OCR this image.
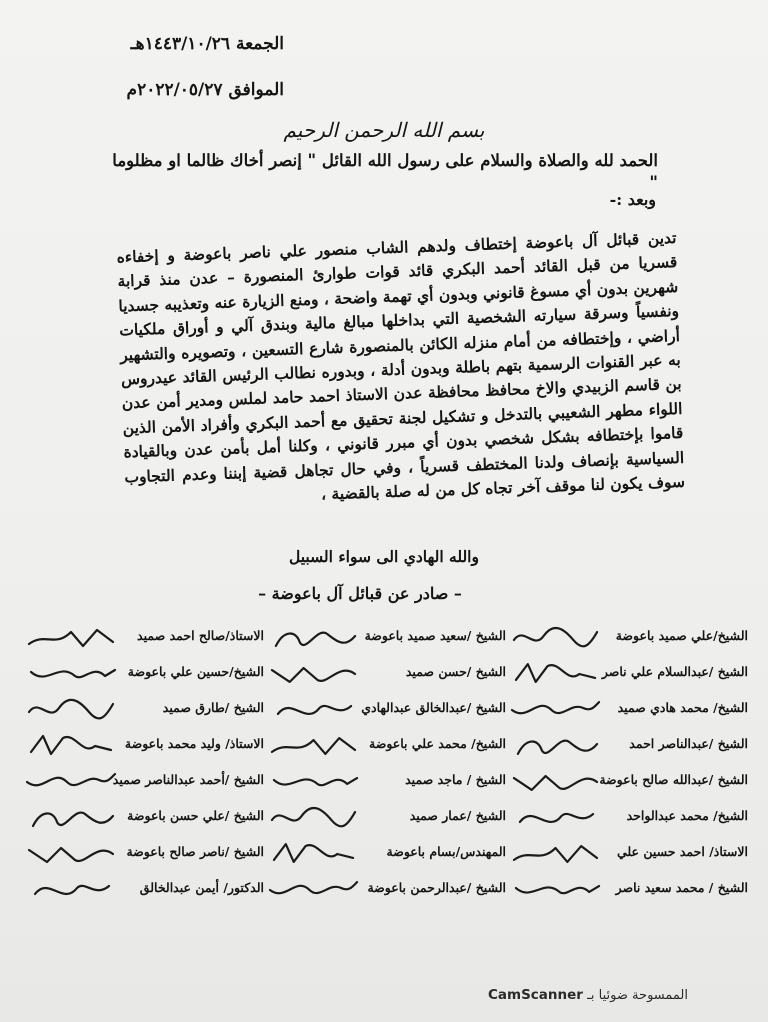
الجمعة ١٤٤٣/١٠/٢٦هـ
الموافق ٢٠٢٢/٠٥/٢٧م
بسم الله الرحمن الرحيم
الحمد لله والصلاة والسلام على رسول الله القائل " إنصر أخاك ظالما او مظلوما "
وبعد :-
تدين قبائل آل باعوضة إختطاف ولدهم الشاب منصور علي ناصر باعوضة و إخفاءه قسريا من قبل القائد أحمد البكري قائد قوات طوارئ المنصورة – عدن منذ قرابة شهرين بدون أي مسوغ قانوني وبدون أي تهمة واضحة ، ومنع الزيارة عنه وتعذيبه جسديا ونفسياً وسرقة سيارته الشخصية التي بداخلها مبالغ مالية وبندق آلي و أوراق ملكيات أراضي ، وإختطافه من أمام منزله الكائن بالمنصورة شارع التسعين ، وتصويره والتشهير به عبر القنوات الرسمية بتهم باطلة وبدون أدلة ، وبدوره نطالب الرئيس القائد عيدروس بن قاسم الزبيدي والاخ محافظ محافظة عدن الاستاذ احمد حامد لملس ومدير أمن عدن اللواء مطهر الشعيبي بالتدخل و تشكيل لجنة تحقيق مع أحمد البكري وأفراد الأمن الذين قاموا بإختطافه بشكل شخصي بدون أي مبرر قانوني ، وكلنا أمل بأمن عدن وبالقيادة السياسية بإنصاف ولدنا المختطف قسرياً ، وفي حال تجاهل قضية إبننا وعدم التجاوب سوف يكون لنا موقف آخر تجاه كل من له صلة بالقضية ،
والله الهادي الى سواء السبيل
– صادر عن قبائل آل باعوضة –
الشيخ/علي صميد باعوضة
الشيخ /عبدالسلام علي ناصر
الشيخ/ محمد هادي صميد
الشيخ /عبدالناصر احمد
الشيخ /عبدالله صالح باعوضة
الشيخ/ محمد عبدالواحد
الاستاذ/ احمد حسين علي
الشيخ / محمد سعيد ناصر
الشيخ /سعيد صميد باعوضة
الشيخ /حسن صميد
الشيخ /عبدالخالق عبدالهادي
الشيخ/ محمد علي باعوضة
الشيخ / ماجد صميد
الشيخ /عمار صميد
المهندس/بسام باعوضة
الشيخ /عبدالرحمن باعوضة
الاستاذ/صالح احمد صميد
الشيخ/حسين علي باعوضة
الشيخ /طارق صميد
الاستاذ/ وليد محمد باعوضة
الشيخ /أحمد عبدالناصر صميد
الشيخ /علي حسن باعوضة
الشيخ /ناصر صالح باعوضة
الدكتور/ أيمن عبدالخالق
الممسوحة ضوئيا بـ CamScanner
